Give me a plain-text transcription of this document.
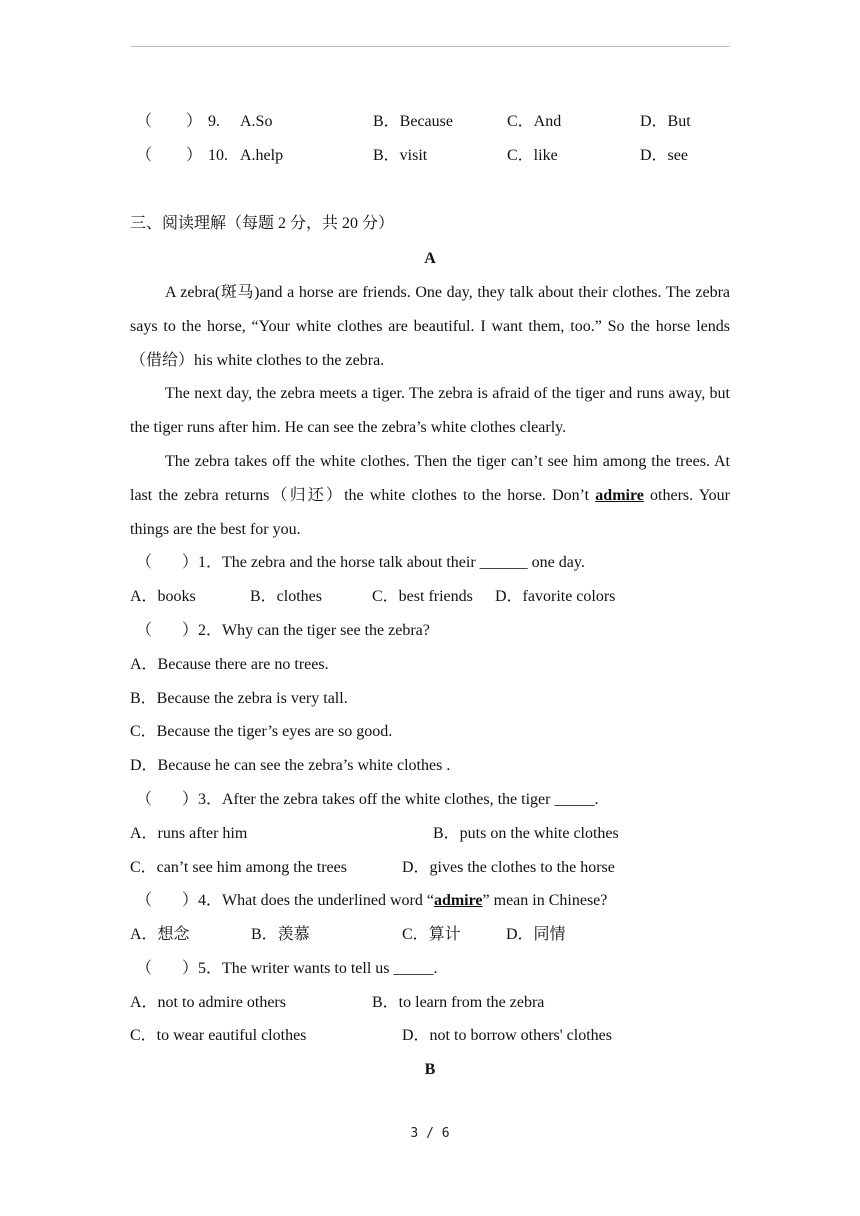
（ ） 9. A.So	B．Because	C．And	D．But
（ ） 10. A.help	B．visit	C．like	D．see
三、阅读理解（每题 2 分，共 20 分）
A
A zebra(斑马)and a horse are friends. One day, they talk about their clothes. The zebra says to the horse, “Your white clothes are beautiful. I want them, too.” So the horse lends（借给）his white clothes to the zebra.
The next day, the zebra meets a tiger. The zebra is afraid of the tiger and runs away, but the tiger runs after him. He can see the zebra’s white clothes clearly.
The zebra takes off the white clothes. Then the tiger can’t see him among the trees. At last the zebra returns（归还）the white clothes to the horse. Don’t admire others. Your things are the best for you.
（ ） 1．The zebra and the horse talk about their ______ one day.
A．books	B．clothes	C．best friends D．favorite colors
（ ） 2．Why can the tiger see the zebra?
A．Because there are no trees.
B．Because the zebra is very tall.
C．Because the tiger’s eyes are so good.
D．Because he can see the zebra’s white clothes .
（ ） 3．After the zebra takes off the white clothes, the tiger _____.
A．runs after him	B．puts on the white clothes
C．can’t see him among the trees	D．gives the clothes to the horse
（ ） 4．What does the underlined word “admire” mean in Chinese?
A．想念	B．羡慕	C．算计	D．同情
（ ） 5．The writer wants to tell us _____.
A．not to admire others	B．to learn from the zebra
C．to wear eautiful clothes	D．not to borrow others' clothes
B
3 / 6
